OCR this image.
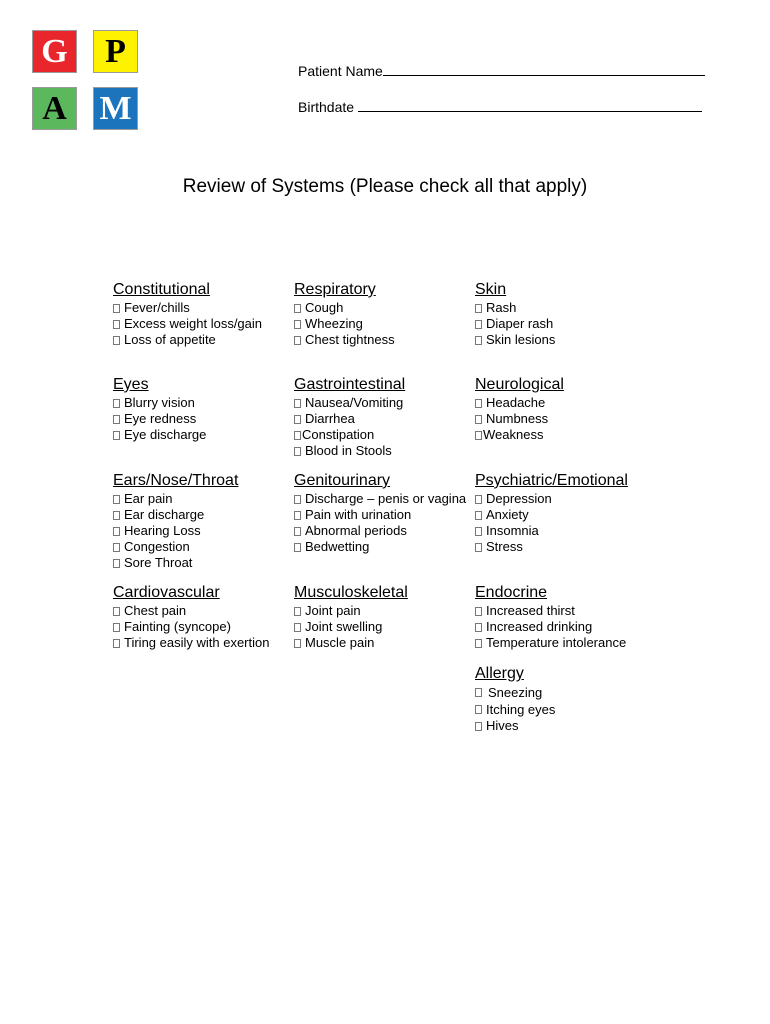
G	P
A M
Patient Name
Birthdate
Review of Systems (Please check all that apply)
Constitutional
Fever/chills
Excess weight loss/gain
Loss of appetite
Respiratory
Cough
Wheezing
Chest tightness
Skin
Rash
Diaper rash
Skin lesions
Eyes
Blurry vision
Eye redness
Eye discharge
Gastrointestinal
Nausea/Vomiting
Diarrhea
Constipation
Blood in Stools
Neurological
Headache
Numbness
Weakness
Ears/Nose/Throat
Ear pain
Ear discharge
Hearing Loss
Congestion
Sore Throat
Genitourinary
Discharge – penis or vagina
Pain with urination
Abnormal periods
Bedwetting
Psychiatric/Emotional
Depression
Anxiety
Insomnia
Stress
Cardiovascular
Chest pain
Fainting (syncope)
Tiring easily with exertion
Musculoskeletal
Joint pain
Joint swelling
Muscle pain
Endocrine
Increased thirst
Increased drinking
Temperature intolerance
Allergy
Sneezing
Itching eyes
Hives
